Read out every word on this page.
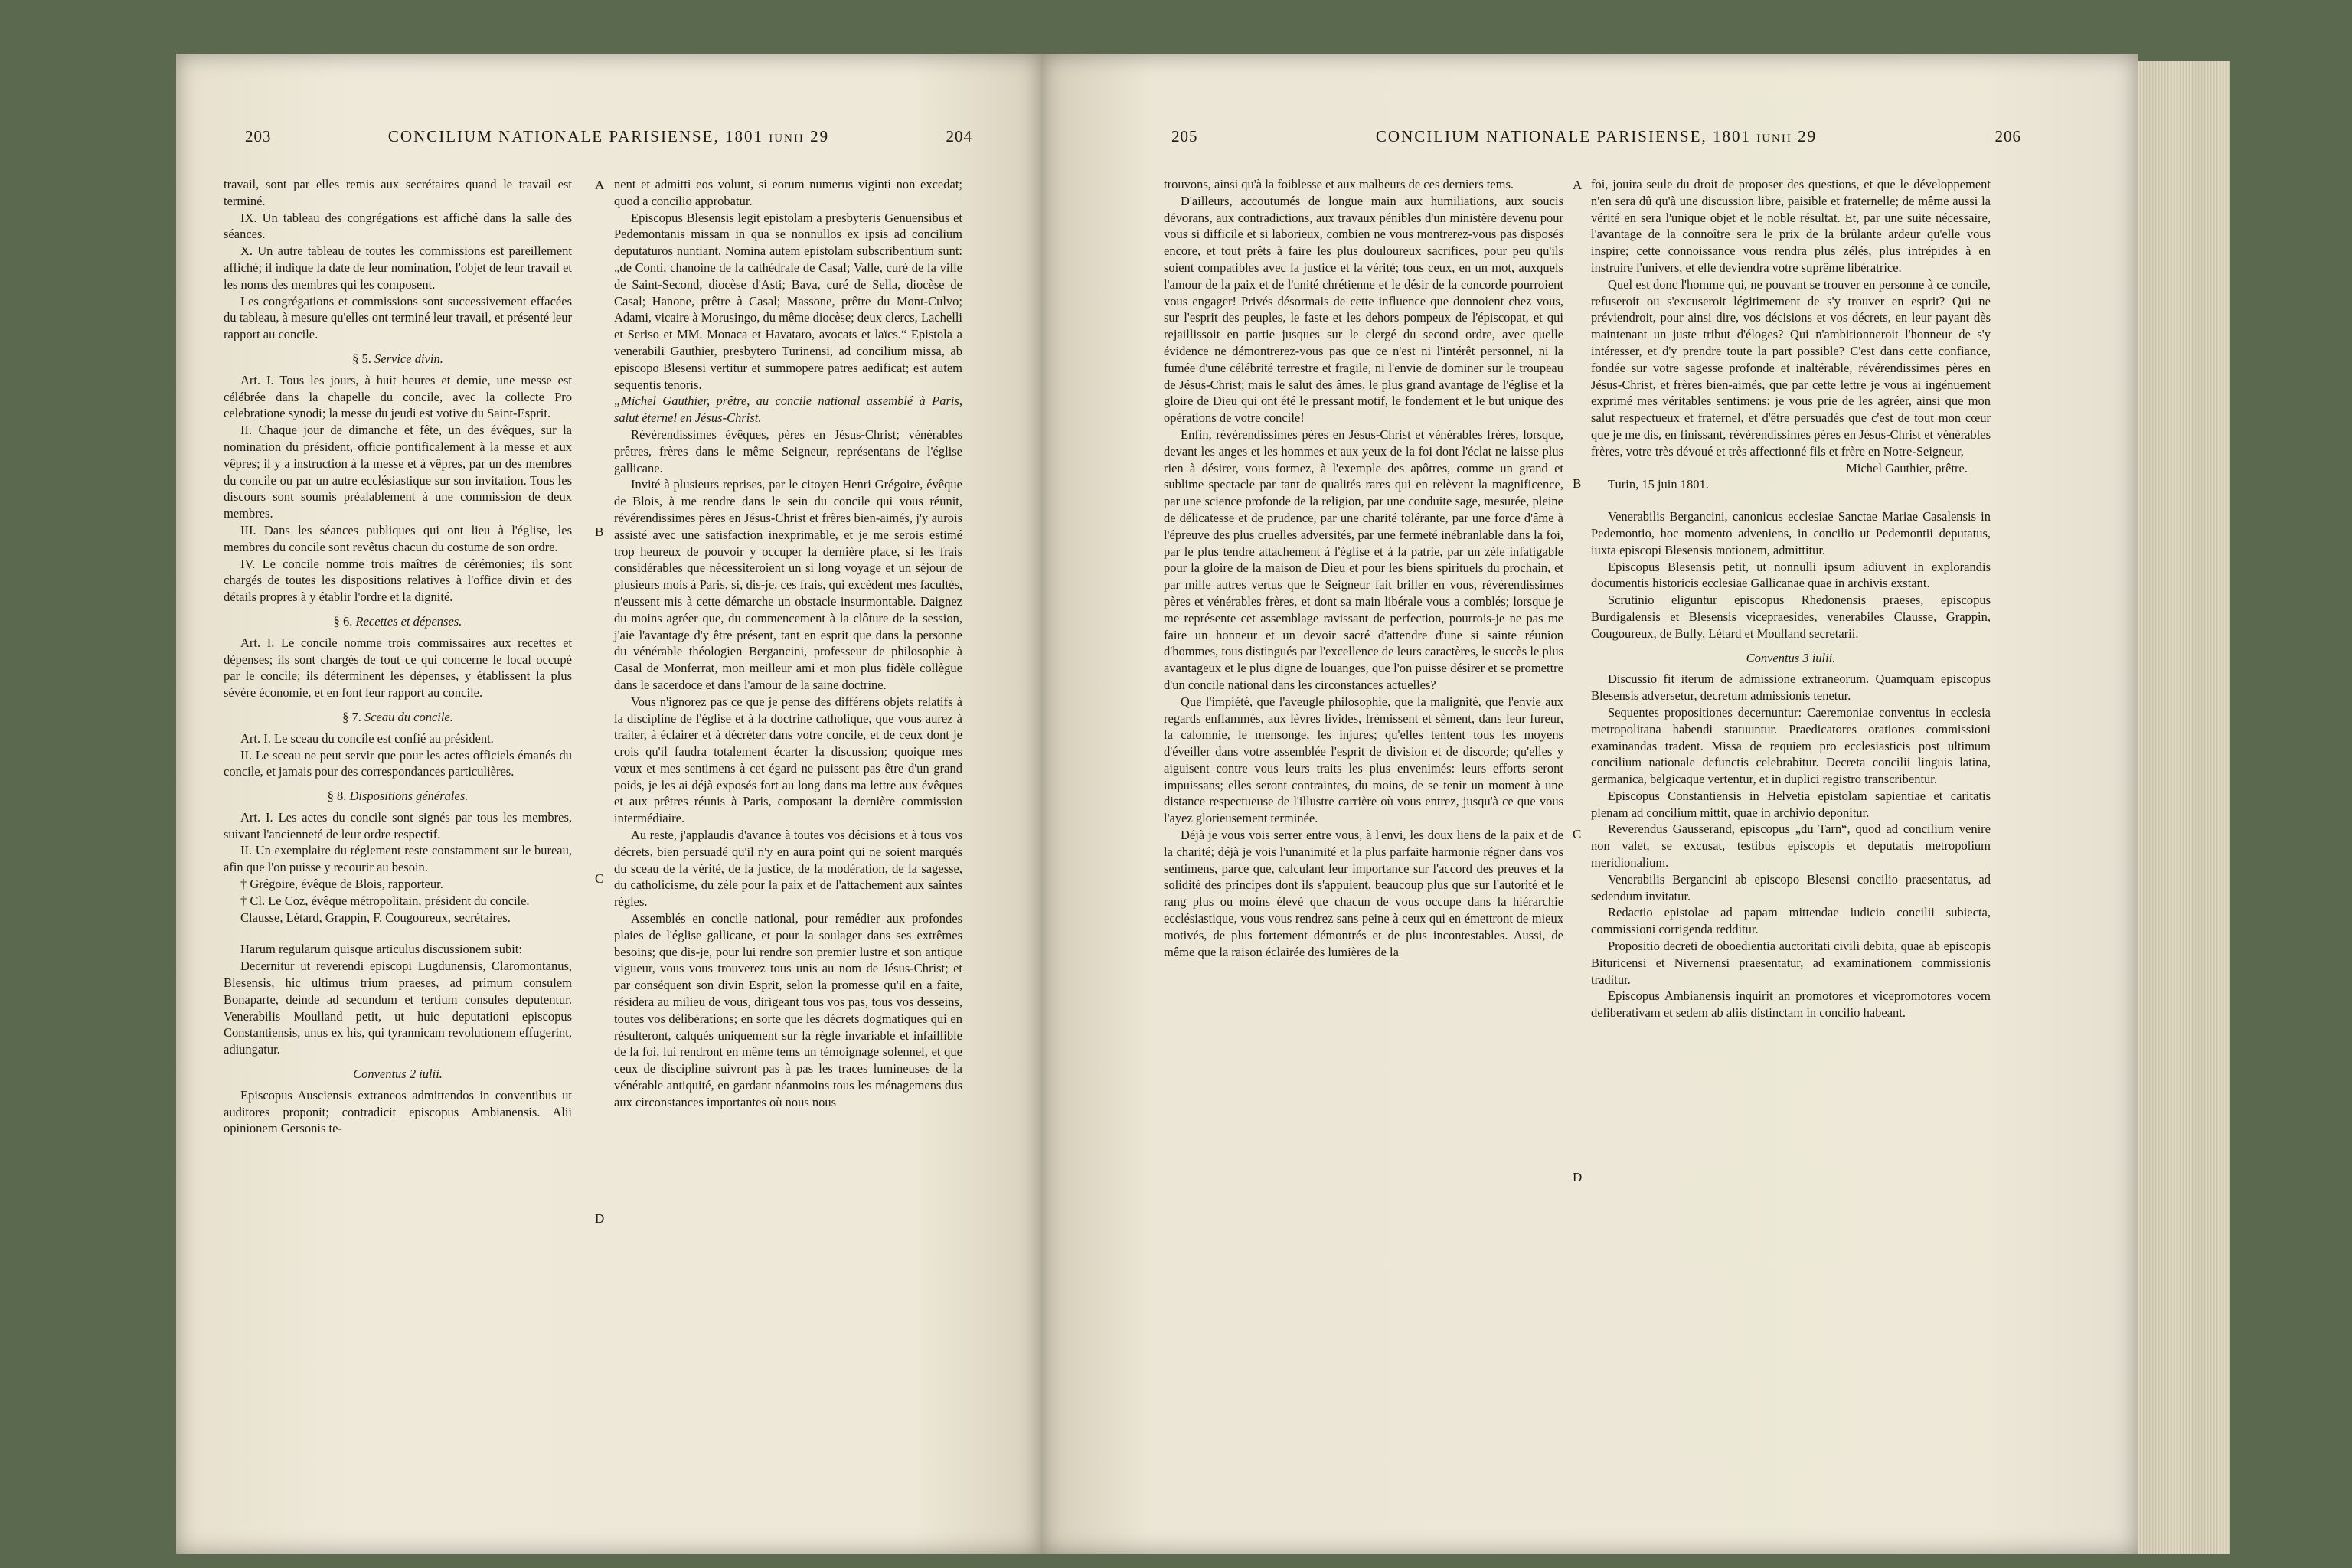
203	CONCILIUM NATIONALE PARISIENSE, 1801 iunii 29	204

travail, sont par elles remis aux secrétaires quand le travail est terminé.

IX. Un tableau des congrégations est affiché dans la salle des séances.

X. Un autre tableau de toutes les commissions est pareillement affiché; il indique la date de leur nomination, l'objet de leur travail et les noms des membres qui les composent.

Les congrégations et commissions sont successivement effacées du tableau, à mesure qu'elles ont terminé leur travail, et présenté leur rapport au concile.

§ 5. Service divin.

Art. I. Tous les jours, à huit heures et demie, une messe est célébrée dans la chapelle du concile, avec la collecte Pro celebratione synodi; la messe du jeudi est votive du Saint-Esprit.

II. Chaque jour de dimanche et fête, un des évêques, sur la nomination du président, officie pontificalement à la messe et aux vêpres; il y a instruction à la messe et à vêpres, par un des membres du concile ou par un autre ecclésiastique sur son invitation. Tous les discours sont soumis préalablement à une commission de deux membres.

III. Dans les séances publiques qui ont lieu à l'église, les membres du concile sont revêtus chacun du costume de son ordre.

IV. Le concile nomme trois maîtres de cérémonies; ils sont chargés de toutes les dispositions relatives à l'office divin et des détails propres à y établir l'ordre et la dignité.

§ 6. Recettes et dépenses.

Art. I. Le concile nomme trois commissaires aux recettes et dépenses; ils sont chargés de tout ce qui concerne le local occupé par le concile; ils déterminent les dépenses, y établissent la plus sévère économie, et en font leur rapport au concile.

§ 7. Sceau du concile.

Art. I. Le sceau du concile est confié au président.

II. Le sceau ne peut servir que pour les actes officiels émanés du concile, et jamais pour des correspondances particulières.

§ 8. Dispositions générales.

Art. I. Les actes du concile sont signés par tous les membres, suivant l'ancienneté de leur ordre respectif.

II. Un exemplaire du réglement reste constamment sur le bureau, afin que l'on puisse y recourir au besoin.

† Grégoire, évêque de Blois, rapporteur.

† Cl. Le Coz, évêque métropolitain, président du concile.

Clausse, Létard, Grappin, F. Cougoureux, secrétaires.

Harum regularum quisque articulus discussionem subit:

Decernitur ut reverendi episcopi Lugdunensis, Claromontanus, Blesensis, hic ultimus trium praeses, ad primum consulem Bonaparte, deinde ad secundum et tertium consules deputentur. Venerabilis Moulland petit, ut huic deputationi episcopus Constantiensis, unus ex his, qui tyrannicam revolutionem effugerint, adiungatur.

Conventus 2 iulii.

Episcopus Ausciensis extraneos admittendos in conventibus ut auditores proponit; contradicit episcopus Ambianensis. Alii opinionem Gersonis te-

A
B
C
D

nent et admitti eos volunt, si eorum numerus viginti non excedat; quod a concilio approbatur.

Episcopus Blesensis legit epistolam a presbyteris Genuensibus et Pedemontanis missam in qua se nonnullos ex ipsis ad concilium deputaturos nuntiant. Nomina autem epistolam subscribentium sunt: „de Conti, chanoine de la cathédrale de Casal; Valle, curé de la ville de Saint-Second, diocèse d'Asti; Bava, curé de Sella, diocèse de Casal; Hanone, prêtre à Casal; Massone, prêtre du Mont-Culvo; Adami, vicaire à Morusingo, du même diocèse; deux clercs, Lachelli et Seriso et MM. Monaca et Havataro, avocats et laïcs.“ Epistola a venerabili Gauthier, presbytero Turinensi, ad concilium missa, ab episcopo Blesensi vertitur et summopere patres aedificat; est autem sequentis tenoris.

„Michel Gauthier, prêtre, au concile national assemblé à Paris, salut éternel en Jésus-Christ.

Révérendissimes évêques, pères en Jésus-Christ; vénérables prêtres, frères dans le même Seigneur, représentans de l'église gallicane.

Invité à plusieurs reprises, par le citoyen Henri Grégoire, évêque de Blois, à me rendre dans le sein du concile qui vous réunit, révérendissimes pères en Jésus-Christ et frères bien-aimés, j'y aurois assisté avec une satisfaction inexprimable, et je me serois estimé trop heureux de pouvoir y occuper la dernière place, si les frais considérables que nécessiteroient un si long voyage et un séjour de plusieurs mois à Paris, si, dis-je, ces frais, qui excèdent mes facultés, n'eussent mis à cette démarche un obstacle insurmontable. Daignez du moins agréer que, du commencement à la clôture de la session, j'aie l'avantage d'y être présent, tant en esprit que dans la personne du vénérable théologien Bergancini, professeur de philosophie à Casal de Monferrat, mon meilleur ami et mon plus fidèle collègue dans le sacerdoce et dans l'amour de la saine doctrine.

Vous n'ignorez pas ce que je pense des différens objets relatifs à la discipline de l'église et à la doctrine catholique, que vous aurez à traiter, à éclairer et à décréter dans votre concile, et de ceux dont je crois qu'il faudra totalement écarter la discussion; quoique mes vœux et mes sentimens à cet égard ne puissent pas être d'un grand poids, je les ai déjà exposés fort au long dans ma lettre aux évêques et aux prêtres réunis à Paris, composant la dernière commission intermédiaire.

Au reste, j'applaudis d'avance à toutes vos décisions et à tous vos décrets, bien persuadé qu'il n'y en aura point qui ne soient marqués du sceau de la vérité, de la justice, de la modération, de la sagesse, du catholicisme, du zèle pour la paix et de l'attachement aux saintes règles.

Assemblés en concile national, pour remédier aux profondes plaies de l'église gallicane, et pour la soulager dans ses extrêmes besoins; que dis-je, pour lui rendre son premier lustre et son antique vigueur, vous vous trouverez tous unis au nom de Jésus-Christ; et par conséquent son divin Esprit, selon la promesse qu'il en a faite, résidera au milieu de vous, dirigeant tous vos pas, tous vos desseins, toutes vos délibérations; en sorte que les décrets dogmatiques qui en résulteront, calqués uniquement sur la règle invariable et infaillible de la foi, lui rendront en même tems un témoignage solennel, et que ceux de discipline suivront pas à pas les traces lumineuses de la vénérable antiquité, en gardant néanmoins tous les ménagemens dus aux circonstances importantes où nous nous

205	CONCILIUM NATIONALE PARISIENSE, 1801 iunii 29	206

trouvons, ainsi qu'à la foiblesse et aux malheurs de ces derniers tems.

D'ailleurs, accoutumés de longue main aux humiliations, aux soucis dévorans, aux contradictions, aux travaux pénibles d'un ministère devenu pour vous si difficile et si laborieux, combien ne vous montrerez-vous pas disposés encore, et tout prêts à faire les plus douloureux sacrifices, pour peu qu'ils soient compatibles avec la justice et la vérité; tous ceux, en un mot, auxquels l'amour de la paix et de l'unité chrétienne et le désir de la concorde pourroient vous engager! Privés désormais de cette influence que donnoient chez vous, sur l'esprit des peuples, le faste et les dehors pompeux de l'épiscopat, et qui rejaillissoit en partie jusques sur le clergé du second ordre, avec quelle évidence ne démontrerez-vous pas que ce n'est ni l'intérêt personnel, ni la fumée d'une célébrité terrestre et fragile, ni l'envie de dominer sur le troupeau de Jésus-Christ; mais le salut des âmes, le plus grand avantage de l'église et la gloire de Dieu qui ont été le pressant motif, le fondement et le but unique des opérations de votre concile!

Enfin, révérendissimes pères en Jésus-Christ et vénérables frères, lorsque, devant les anges et les hommes et aux yeux de la foi dont l'éclat ne laisse plus rien à désirer, vous formez, à l'exemple des apôtres, comme un grand et sublime spectacle par tant de qualités rares qui en relèvent la magnificence, par une science profonde de la religion, par une conduite sage, mesurée, pleine de délicatesse et de prudence, par une charité tolérante, par une force d'âme à l'épreuve des plus cruelles adversités, par une fermeté inébranlable dans la foi, par le plus tendre attachement à l'église et à la patrie, par un zèle infatigable pour la gloire de la maison de Dieu et pour les biens spirituels du prochain, et par mille autres vertus que le Seigneur fait briller en vous, révérendissimes pères et vénérables frères, et dont sa main libérale vous a comblés; lorsque je me représente cet assemblage ravissant de perfection, pourrois-je ne pas me faire un honneur et un devoir sacré d'attendre d'une si sainte réunion d'hommes, tous distingués par l'excellence de leurs caractères, le succès le plus avantageux et le plus digne de louanges, que l'on puisse désirer et se promettre d'un concile national dans les circonstances actuelles?

Que l'impiété, que l'aveugle philosophie, que la malignité, que l'envie aux regards enflammés, aux lèvres livides, frémissent et sèment, dans leur fureur, la calomnie, le mensonge, les injures; qu'elles tentent tous les moyens d'éveiller dans votre assemblée l'esprit de division et de discorde; qu'elles y aiguisent contre vous leurs traits les plus envenimés: leurs efforts seront impuissans; elles seront contraintes, du moins, de se tenir un moment à une distance respectueuse de l'illustre carrière où vous entrez, jusqu'à ce que vous l'ayez glorieusement terminée.

Déjà je vous vois serrer entre vous, à l'envi, les doux liens de la paix et de la charité; déjà je vois l'unanimité et la plus parfaite harmonie régner dans vos sentimens, parce que, calculant leur importance sur l'accord des preuves et la solidité des principes dont ils s'appuient, beaucoup plus que sur l'autorité et le rang plus ou moins élevé que chacun de vous occupe dans la hiérarchie ecclésiastique, vous vous rendrez sans peine à ceux qui en émettront de mieux motivés, de plus fortement démontrés et de plus incontestables. Aussi, de même que la raison éclairée des lumières de la

A
B
C
D

foi, jouira seule du droit de proposer des questions, et que le développement n'en sera dû qu'à une discussion libre, paisible et fraternelle; de même aussi la vérité en sera l'unique objet et le noble résultat. Et, par une suite nécessaire, l'avantage de la connoître sera le prix de la brûlante ardeur qu'elle vous inspire; cette connoissance vous rendra plus zélés, plus intrépides à en instruire l'univers, et elle deviendra votre suprême libératrice.

Quel est donc l'homme qui, ne pouvant se trouver en personne à ce concile, refuseroit ou s'excuseroit légitimement de s'y trouver en esprit? Qui ne préviendroit, pour ainsi dire, vos décisions et vos décrets, en leur payant dès maintenant un juste tribut d'éloges? Qui n'ambitionneroit l'honneur de s'y intéresser, et d'y prendre toute la part possible? C'est dans cette confiance, fondée sur votre sagesse profonde et inaltérable, révérendissimes pères en Jésus-Christ, et frères bien-aimés, que par cette lettre je vous ai ingénuement exprimé mes véritables sentimens: je vous prie de les agréer, ainsi que mon salut respectueux et fraternel, et d'être persuadés que c'est de tout mon cœur que je me dis, en finissant, révérendissimes pères en Jésus-Christ et vénérables frères, votre très dévoué et très affectionné fils et frère en Notre-Seigneur,

Michel Gauthier, prêtre.

Turin, 15 juin 1801.

Venerabilis Bergancini, canonicus ecclesiae Sanctae Mariae Casalensis in Pedemontio, hoc momento adveniens, in concilio ut Pedemontii deputatus, iuxta episcopi Blesensis motionem, admittitur.

Episcopus Blesensis petit, ut nonnulli ipsum adiuvent in explorandis documentis historicis ecclesiae Gallicanae quae in archivis exstant.

Scrutinio eliguntur episcopus Rhedonensis praeses, episcopus Burdigalensis et Blesensis vicepraesides, venerabiles Clausse, Grappin, Cougoureux, de Bully, Létard et Moulland secretarii.

Conventus 3 iulii.

Discussio fit iterum de admissione extraneorum. Quamquam episcopus Blesensis adversetur, decretum admissionis tenetur.

Sequentes propositiones decernuntur: Caeremoniae conventus in ecclesia metropolitana habendi statuuntur. Praedicatores orationes commissioni examinandas tradent. Missa de requiem pro ecclesiasticis post ultimum concilium nationale defunctis celebrabitur. Decreta concilii linguis latina, germanica, belgicaque vertentur, et in duplici registro transcribentur.

Episcopus Constantiensis in Helvetia epistolam sapientiae et caritatis plenam ad concilium mittit, quae in archivio deponitur.

Reverendus Gausserand, episcopus „du Tarn“, quod ad concilium venire non valet, se excusat, testibus episcopis et deputatis metropolium meridionalium.

Venerabilis Bergancini ab episcopo Blesensi concilio praesentatus, ad sedendum invitatur.

Redactio epistolae ad papam mittendae iudicio concilii subiecta, commissioni corrigenda redditur.

Propositio decreti de oboedientia auctoritati civili debita, quae ab episcopis Bituricensi et Nivernensi praesentatur, ad examinationem commissionis traditur.

Episcopus Ambianensis inquirit an promotores et vicepromotores vocem deliberativam et sedem ab aliis distinctam in concilio habeant.
